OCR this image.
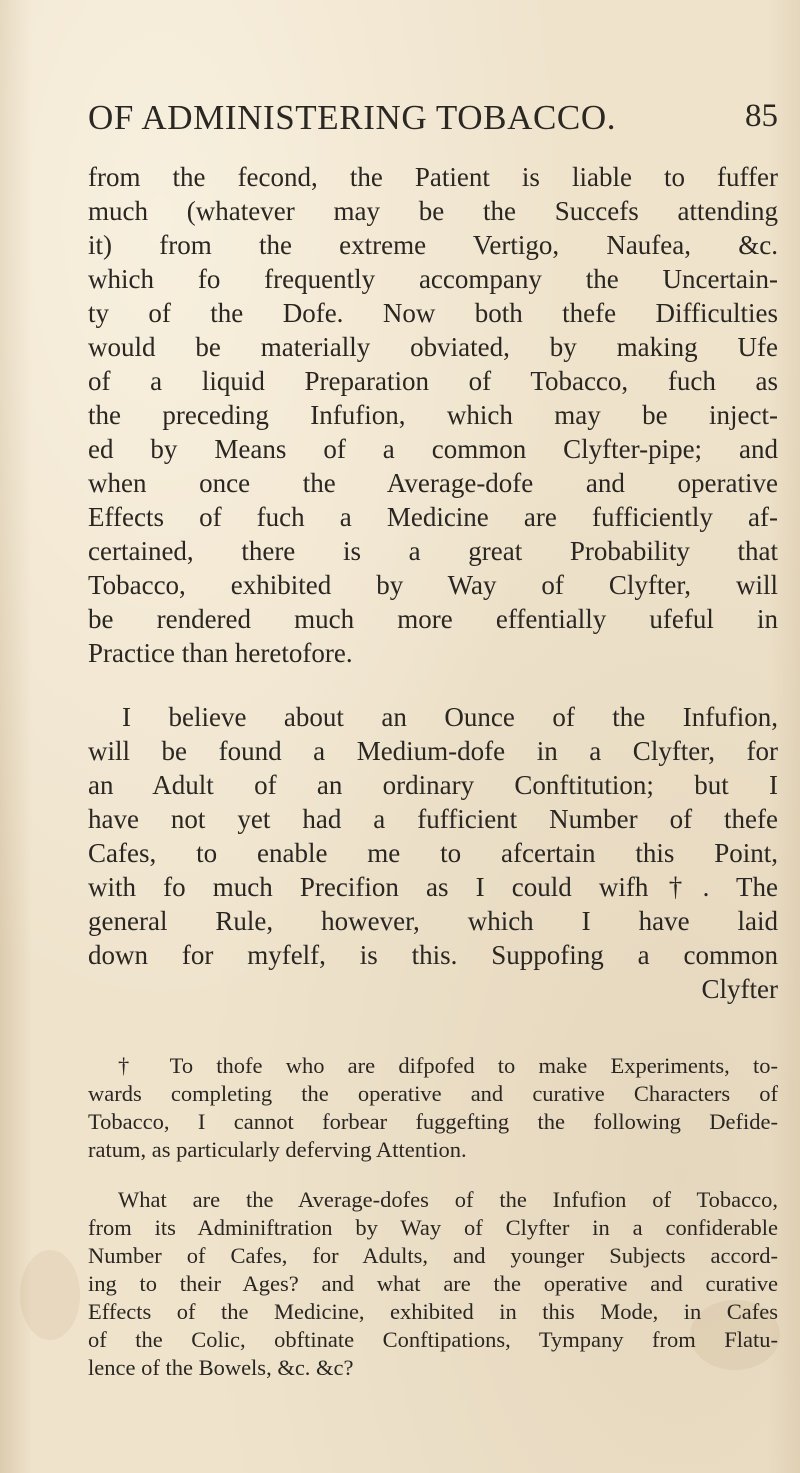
OF ADMINISTERING TOBACCO.	85
from the fecond, the Patient is liable to fuffer
much (whatever may be the Succefs attending
it) from the extreme Vertigo, Naufea, &c.
which fo frequently accompany the Uncertain-
ty of the Dofe. Now both thefe Difficulties
would be materially obviated, by making Ufe
of a liquid Preparation of Tobacco, fuch as
the preceding Infufion, which may be inject-
ed by Means of a common Clyfter-pipe; and
when once the Average-dofe and operative
Effects of fuch a Medicine are fufficiently af-
certained, there is a great Probability that
Tobacco, exhibited by Way of Clyfter, will
be rendered much more effentially ufeful in
Practice than heretofore.
I believe about an Ounce of the Infufion,
will be found a Medium-dofe in a Clyfter, for
an Adult of an ordinary Conftitution; but I
have not yet had a fufficient Number of thefe
Cafes, to enable me to afcertain this Point,
with fo much Precifion as I could wifh†. The
general Rule, however, which I have laid
down for myfelf, is this. Suppofing a common
Clyfter
† To thofe who are difpofed to make Experiments, to-
wards completing the operative and curative Characters of
Tobacco, I cannot forbear fuggefting the following Defide-
ratum, as particularly deferving Attention.
What are the Average-dofes of the Infufion of Tobacco,
from its Adminiftration by Way of Clyfter in a confiderable
Number of Cafes, for Adults, and younger Subjects accord-
ing to their Ages? and what are the operative and curative
Effects of the Medicine, exhibited in this Mode, in Cafes
of the Colic, obftinate Conftipations, Tympany from Flatu-
lence of the Bowels, &c. &c?
